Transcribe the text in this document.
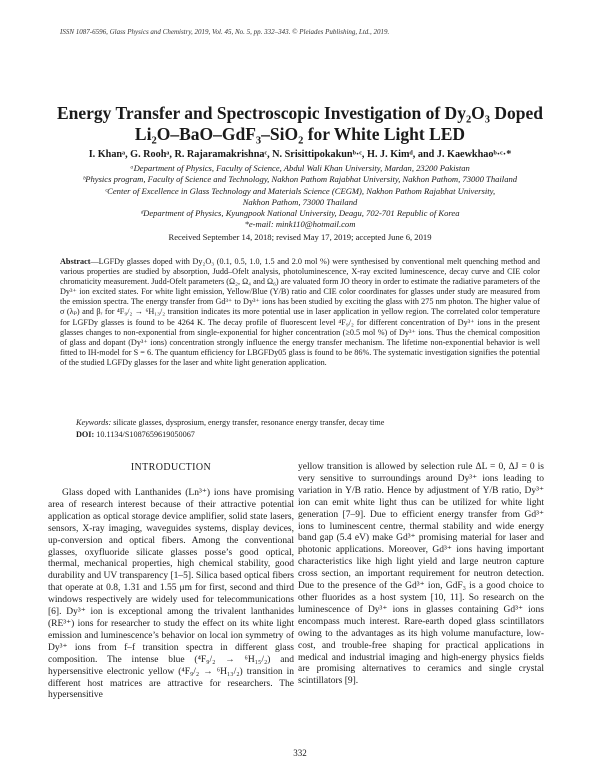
ISSN 1087-6596, Glass Physics and Chemistry, 2019, Vol. 45, No. 5, pp. 332–343. © Pleiades Publishing, Ltd., 2019.
Energy Transfer and Spectroscopic Investigation of Dy₂O₃ Doped
Li₂O–BaO–GdF₃–SiO₂ for White Light LED
I. Khanᵃ, G. Roohᵃ, R. Rajaramakrishnaᶜ, N. Srisittipokakunᵇ·ᶜ, H. J. Kimᵈ, and J. Kaewkhaoᵇ·ᶜ·*
ᵃDepartment of Physics, Faculty of Science, Abdul Wali Khan University, Mardan, 23200 Pakistan
ᵇPhysics program, Faculty of Science and Technology, Nakhon Pathom Rajabhat University, Nakhon Pathom, 73000 Thailand
ᶜCenter of Excellence in Glass Technology and Materials Science (CEGM), Nakhon Pathom Rajabhat University,
Nakhon Pathom, 73000 Thailand
ᵈDepartment of Physics, Kyungpook National University, Deagu, 702-701 Republic of Korea
*e-mail: mink110@hotmail.com
Received September 14, 2018; revised May 17, 2019; accepted June 6, 2019

Abstract—LGFDy glasses doped with Dy₂O₃ (0.1, 0.5, 1.0, 1.5 and 2.0 mol %) were synthesised by conventional melt quenching method and various properties are studied by absorption, Judd–Ofelt analysis, photoluminescence, X-ray excited luminescence, decay curve and CIE color chromaticity measurement. Judd-Ofelt parameters (Ω₂, Ω₄ and Ω₆) are valuated form JO theory in order to estimate the radiative parameters of the Dy³⁺ ion excited states. For white light emission, Yellow/Blue (Y/B) ratio and CIE color coordinates for glasses under study are measured from the emission spectra. The energy transfer from Gd³⁺ to Dy³⁺ ions has been studied by exciting the glass with 275 nm photon. The higher value of σ (λₚ) and βᵣ for ⁴F₉/₂ → ⁶H₁₃/₂ transition indicates its more potential use in laser application in yellow region. The correlated color temperature for LGFDy glasses is found to be 4264 K. The decay profile of fluorescent level ⁴F₉/₂ for different concentration of Dy³⁺ ions in the present glasses changes to non-exponential from single-exponential for higher concentration (≥0.5 mol %) of Dy³⁺ ions. Thus the chemical composition of glass and dopant (Dy³⁺ ions) concentration strongly influence the energy transfer mechanism. The lifetime non-exponential behavior is well fitted to IH-model for S = 6. The quantum efficiency for LBGFDy05 glass is found to be 86%. The systematic investigation signifies the potential of the studied LGFDy glasses for the laser and white light generation application.

Keywords: silicate glasses, dysprosium, energy transfer, resonance energy transfer, decay time
DOI: 10.1134/S1087659619050067
INTRODUCTION

Glass doped with Lanthanides (Ln³⁺) ions have promising area of research interest because of their attractive potential application as optical storage device amplifier, solid state lasers, sensors, X-ray imaging, waveguides systems, display devices, up-conversion and optical fibers. Among the conventional glasses, oxyfluoride silicate glasses posse’s good optical, thermal, mechanical properties, high chemical stability, good durability and UV transparency [1–5]. Silica based optical fibers that operate at 0.8, 1.31 and 1.55 μm for first, second and third windows respectively are widely used for telecommunications [6]. Dy³⁺ ion is exceptional among the trivalent lanthanides (RE³⁺) ions for researcher to study the effect on its white light emission and luminescence’s behavior on local ion symmetry of Dy³⁺ ions from f–f transition spectra in different glass composition. The intense blue (⁴F₉/₂ → ⁶H₁₅/₂) and hypersensitive electronic yellow (⁴F₉/₂ → ⁶H₁₃/₂) transition in different host matrices are attractive for researchers. The hypersensitive

yellow transition is allowed by selection rule ΔL = 0, ΔJ = 0 is very sensitive to surroundings around Dy³⁺ ions leading to variation in Y/B ratio. Hence by adjustment of Y/B ratio, Dy³⁺ ion can emit white light thus can be utilized for white light generation [7–9]. Due to efficient energy transfer from Gd³⁺ ions to luminescent centre, thermal stability and wide energy band gap (5.4 eV) make Gd³⁺ promising material for laser and photonic applications. Moreover, Gd³⁺ ions having important characteristics like high light yield and large neutron capture cross section, an important requirement for neutron detection. Due to the presence of the Gd³⁺ ion, GdF₃ is a good choice to other fluorides as a host system [10, 11]. So research on the luminescence of Dy³⁺ ions in glasses containing Gd³⁺ ions encompass much interest. Rare-earth doped glass scintillators owing to the advantages as its high volume manufacture, low-cost, and trouble-free shaping for practical applications in medical and industrial imaging and high-energy physics fields are promising alternatives to ceramics and single crystal scintillators [9].

332
